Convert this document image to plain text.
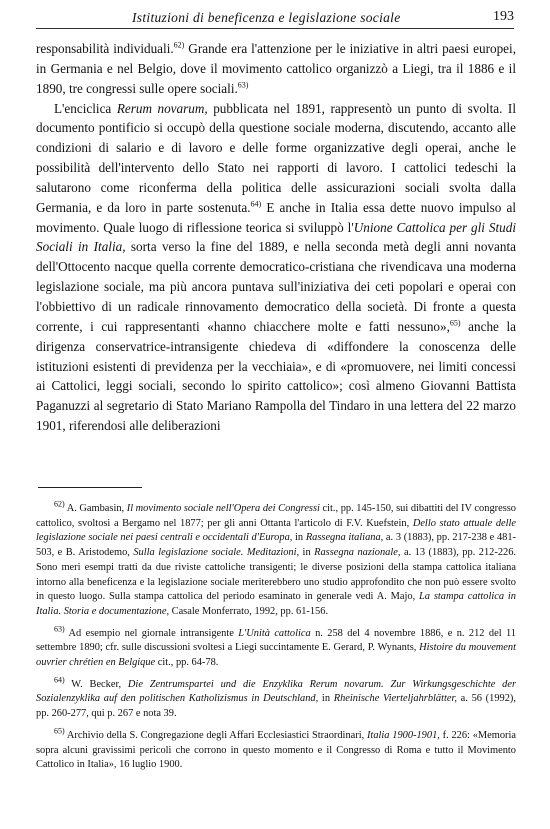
Istituzioni di beneficenza e legislazione sociale	193

responsabilità individuali.$^{62)}$ Grande era l'attenzione per le iniziative in altri paesi europei, in Germania e nel Belgio, dove il movimento cattolico organizzò a Liegi, tra il 1886 e il 1890, tre congressi sulle opere sociali.$^{63)}$

L'enciclica Rerum novarum, pubblicata nel 1891, rappresentò un punto di svolta. Il documento pontificio si occupò della questione sociale moderna, discutendo, accanto alle condizioni di salario e di lavoro e delle forme organizzative degli operai, anche le possibilità dell'intervento dello Stato nei rapporti di lavoro. I cattolici tedeschi la salutarono come riconferma della politica delle assicurazioni sociali svolta dalla Germania, e da loro in parte sostenuta.$^{64)}$ E anche in Italia essa dette nuovo impulso al movimento. Quale luogo di riflessione teorica si sviluppò l'Unione Cattolica per gli Studi Sociali in Italia, sorta verso la fine del 1889, e nella seconda metà degli anni novanta dell'Ottocento nacque quella corrente democratico-cristiana che rivendicava una moderna legislazione sociale, ma più ancora puntava sull'iniziativa dei ceti popolari e operai con l'obbiettivo di un radicale rinnovamento democratico della società. Di fronte a questa corrente, i cui rappresentanti «hanno chiacchere molte e fatti nessuno»,$^{65)}$ anche la dirigenza conservatrice-intransigente chiedeva di «diffondere la conoscenza delle istituzioni esistenti di previdenza per la vecchiaia», e di «promuovere, nei limiti concessi ai Cattolici, leggi sociali, secondo lo spirito cattolico»; così almeno Giovanni Battista Paganuzzi al segretario di Stato Mariano Rampolla del Tindaro in una lettera del 22 marzo 1901, riferendosi alle deliberazioni

$^{62)}$ A. Gambasin, Il movimento sociale nell'Opera dei Congressi cit., pp. 145-150, sui dibattiti del IV congresso cattolico, svoltosi a Bergamo nel 1877; per gli anni Ottanta l'articolo di F.V. Kuefstein, Dello stato attuale delle legislazione sociale nei paesi centrali e occidentali d'Europa, in Rassegna italiana, a. 3 (1883), pp. 217-238 e 481-503, e B. Aristodemo, Sulla legislazione sociale. Meditazioni, in Rassegna nazionale, a. 13 (1883), pp. 212-226. Sono meri esempi tratti da due riviste cattoliche transigenti; le diverse posizioni della stampa cattolica italiana intorno alla beneficenza e la legislazione sociale meriterebbero uno studio approfondito che non può essere svolto in questo luogo. Sulla stampa cattolica del periodo esaminato in generale vedi A. Majo, La stampa cattolica in Italia. Storia e documentazione, Casale Monferrato, 1992, pp. 61-156.

$^{63)}$ Ad esempio nel giornale intransigente L'Unità cattolica n. 258 del 4 novembre 1886, e n. 212 del 11 settembre 1890; cfr. sulle discussioni svoltesi a Liegi succintamente E. Gerard, P. Wynants, Histoire du mouvement ouvrier chrétien en Belgique cit., pp. 64-78.

$^{64)}$ W. Becker, Die Zentrumspartei und die Enzyklika Rerum novarum. Zur Wirkungsgeschichte der Sozialenzyklika auf den politischen Katholizismus in Deutschland, in Rheinische Vierteljahrblätter, a. 56 (1992), pp. 260-277, qui p. 267 e nota 39.

$^{65)}$ Archivio della S. Congregazione degli Affari Ecclesiastici Straordinari, Italia 1900-1901, f. 226: «Memoria sopra alcuni gravissimi pericoli che corrono in questo momento e il Congresso di Roma e tutto il Movimento Cattolico in Italia», 16 luglio 1900.
